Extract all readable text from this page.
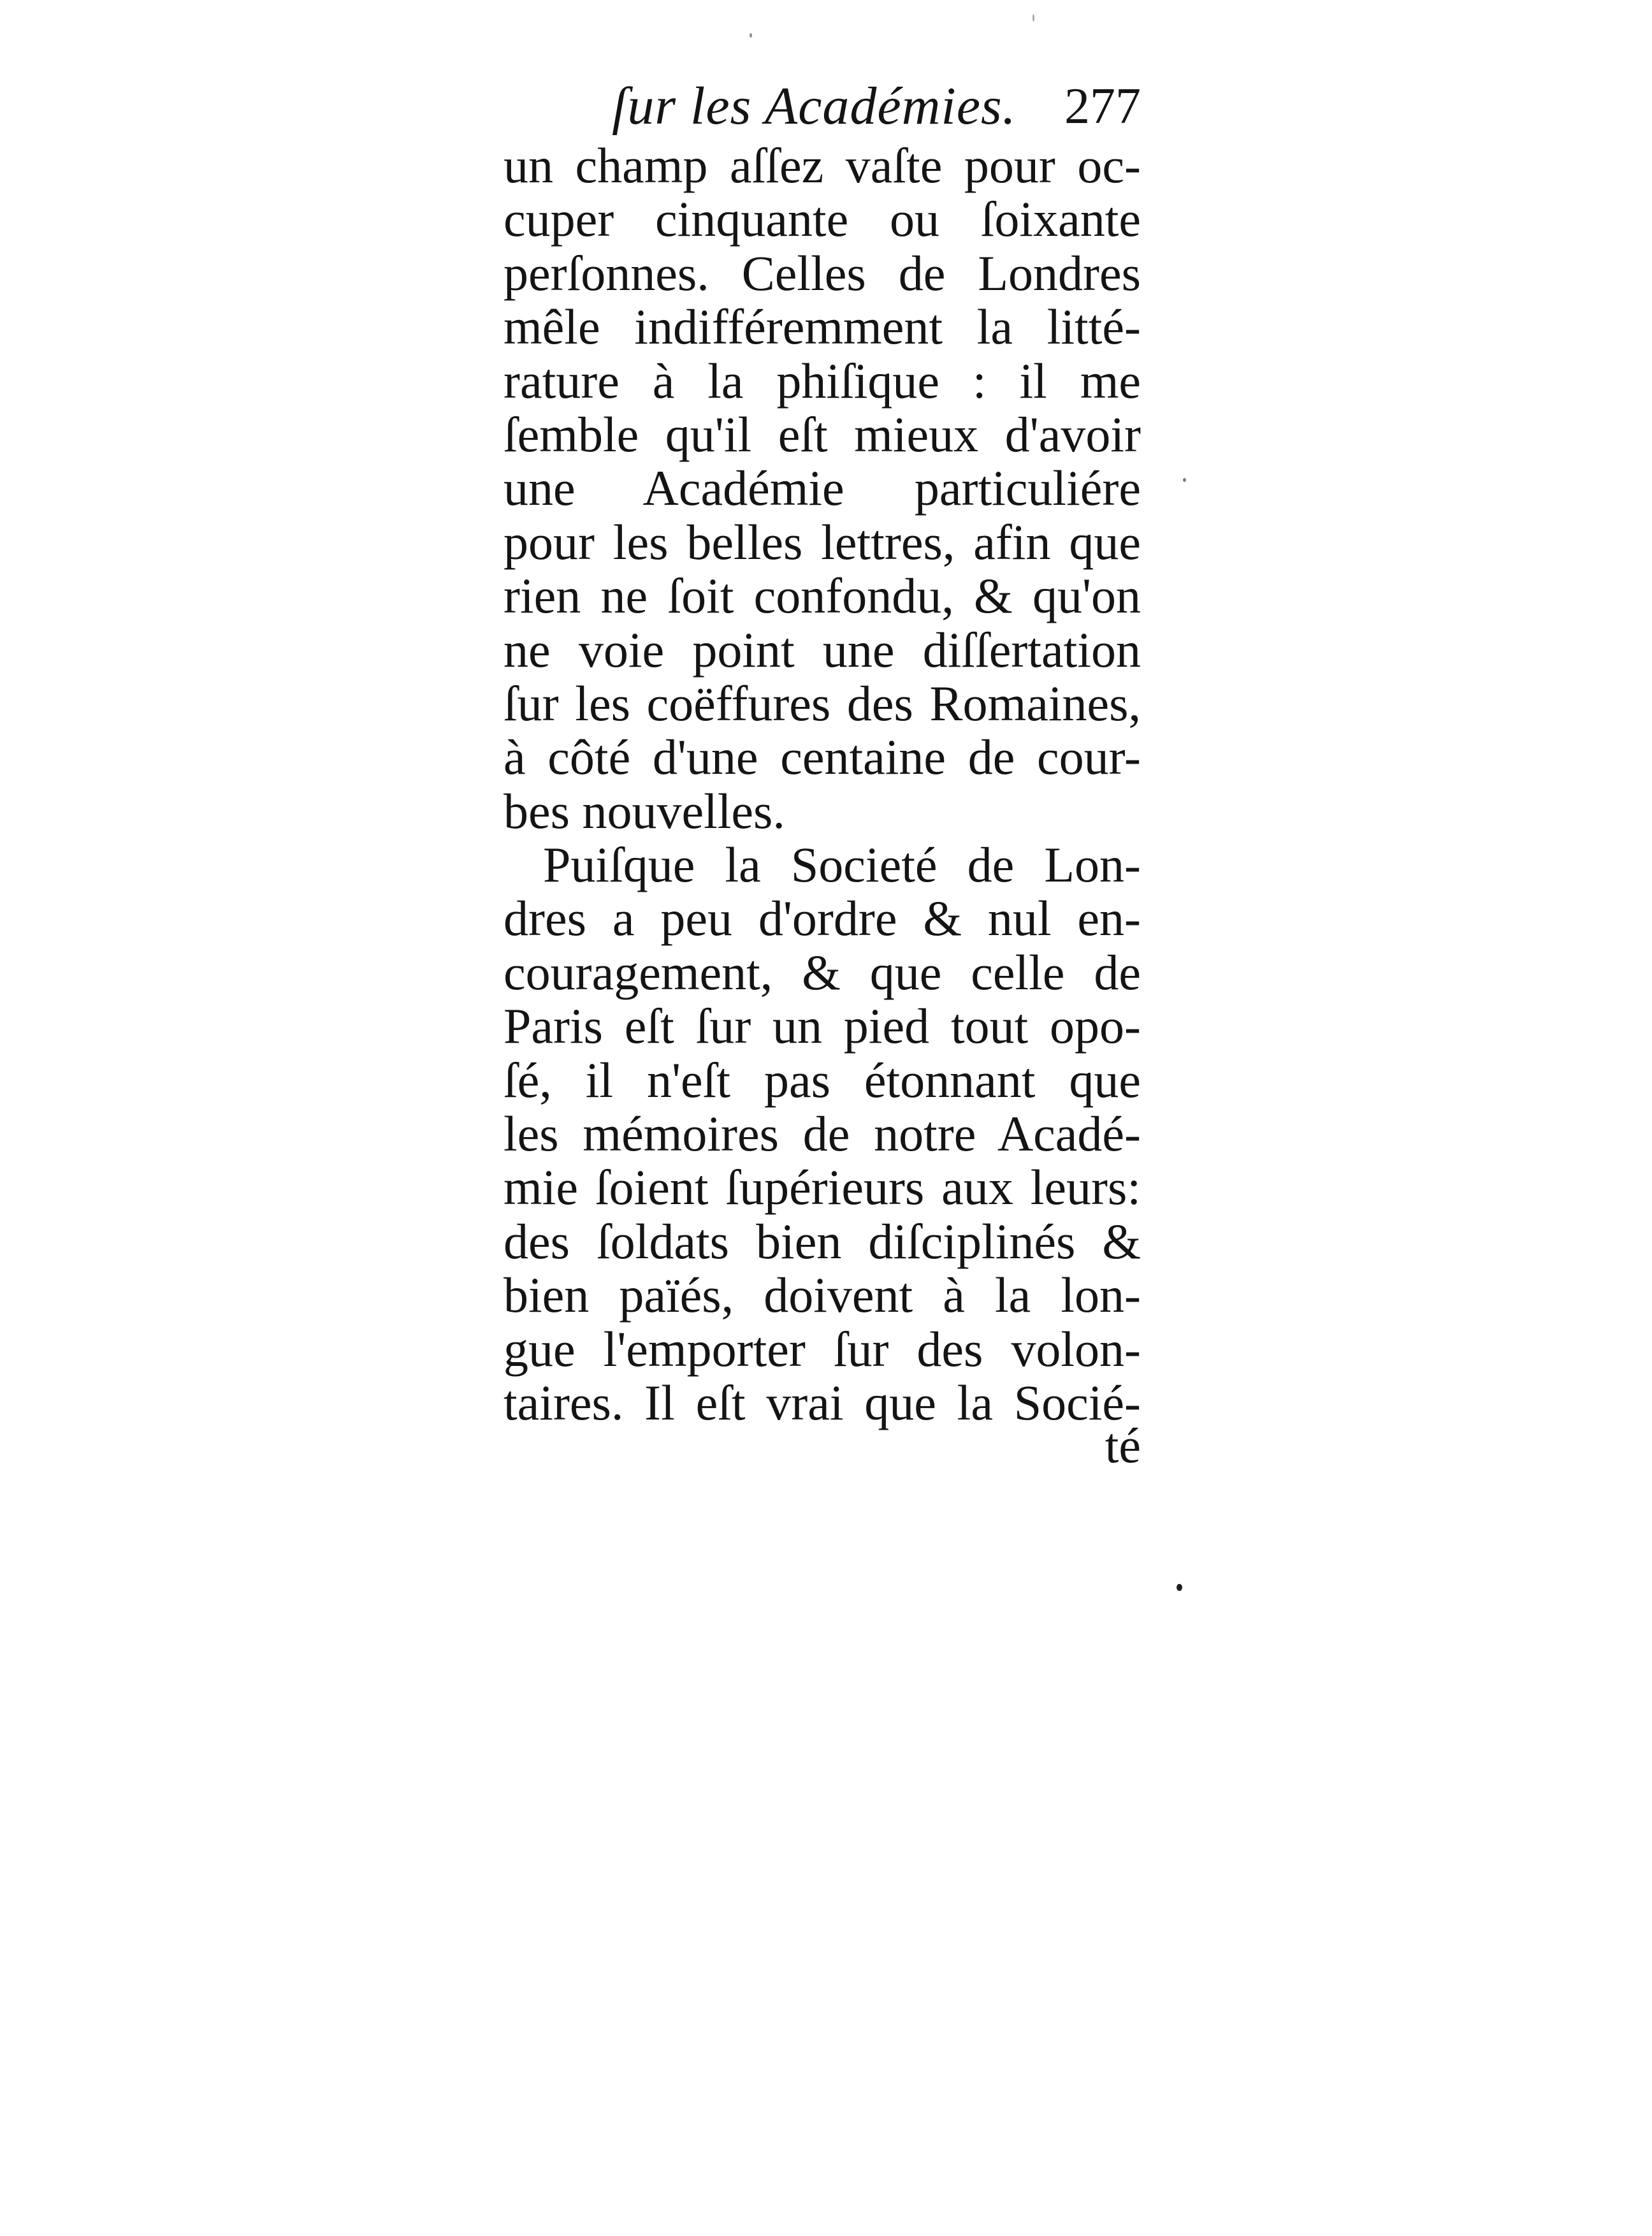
ſur les Académies. 277
un champ aſſez vaſte pour oc-
cuper cinquante ou ſoixante
perſonnes. Celles de Londres
mêle indifféremment la litté-
rature à la phiſique : il me
ſemble qu'il eſt mieux d'avoir
une Académie particuliére
pour les belles lettres, afin que
rien ne ſoit confondu, & qu'on
ne voie point une diſſertation
ſur les coëffures des Romaines,
à côté d'une centaine de cour-
bes nouvelles.
Puiſque la Societé de Lon-
dres a peu d'ordre & nul en-
couragement, & que celle de
Paris eſt ſur un pied tout opo-
ſé, il n'eſt pas étonnant que
les mémoires de notre Acadé-
mie ſoient ſupérieurs aux leurs:
des ſoldats bien diſciplinés &
bien païés, doivent à la lon-
gue l'emporter ſur des volon-
taires. Il eſt vrai que la Socié-
té
